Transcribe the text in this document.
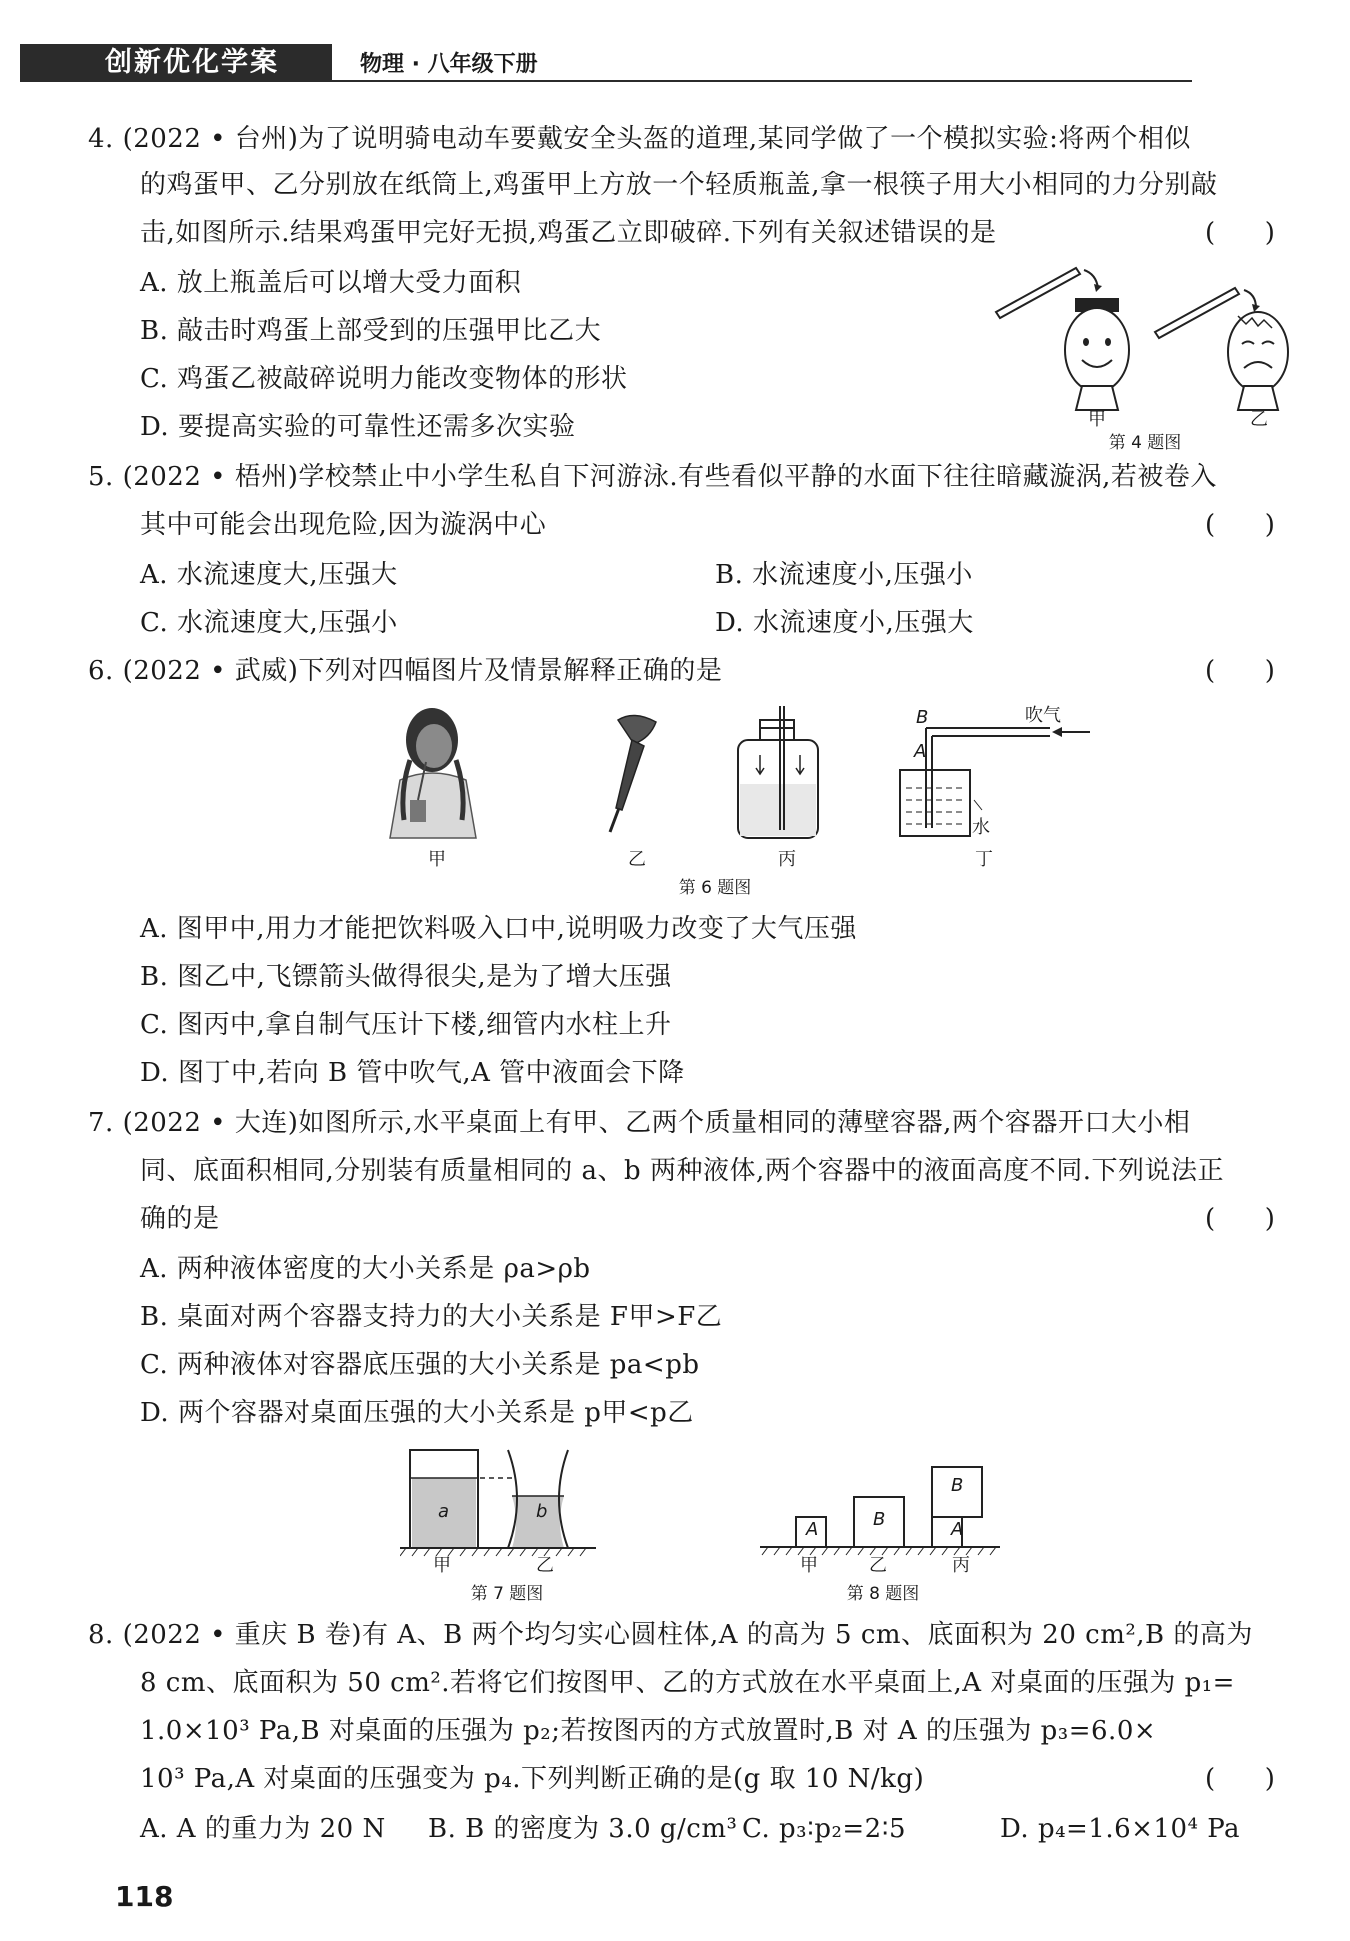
创新优化学案	物理 · 八年级下册
4. (2022 • 台州)为了说明骑电动车要戴安全头盔的道理,某同学做了一个模拟实验:将两个相似
的鸡蛋甲、乙分别放在纸筒上,鸡蛋甲上方放一个轻质瓶盖,拿一根筷子用大小相同的力分别敲
击,如图所示.结果鸡蛋甲完好无损,鸡蛋乙立即破碎.下列有关叙述错误的是	(      )
A. 放上瓶盖后可以增大受力面积
B. 敲击时鸡蛋上部受到的压强甲比乙大
C. 鸡蛋乙被敲碎说明力能改变物体的形状
D. 要提高实验的可靠性还需多次实验	甲	乙
第 4 题图
5. (2022 • 梧州)学校禁止中小学生私自下河游泳.有些看似平静的水面下往往暗藏漩涡,若被卷入
其中可能会出现危险,因为漩涡中心	(      )
A. 水流速度大,压强大	B. 水流速度小,压强小
C. 水流速度大,压强小	D. 水流速度小,压强大
6. (2022 • 武威)下列对四幅图片及情景解释正确的是	(      )
B	吹气
A
水
甲	乙	丙	丁
第 6 题图
A. 图甲中,用力才能把饮料吸入口中,说明吸力改变了大气压强
B. 图乙中,飞镖箭头做得很尖,是为了增大压强
C. 图丙中,拿自制气压计下楼,细管内水柱上升
D. 图丁中,若向 B 管中吹气,A 管中液面会下降
7. (2022 • 大连)如图所示,水平桌面上有甲、乙两个质量相同的薄壁容器,两个容器开口大小相
同、底面积相同,分别装有质量相同的 a、b 两种液体,两个容器中的液面高度不同.下列说法正
确的是	(      )
A. 两种液体密度的大小关系是 ρa>ρb
B. 桌面对两个容器支持力的大小关系是 F甲>F乙
C. 两种液体对容器底压强的大小关系是 pa<pb
D. 两个容器对桌面压强的大小关系是 p甲<p乙
a	b
甲	乙
第 7 题图
A	B
B
A
甲	乙	丙
第 8 题图
8. (2022 • 重庆 B 卷)有 A、B 两个均匀实心圆柱体,A 的高为 5 cm、底面积为 20 cm²,B 的高为
8 cm、底面积为 50 cm².若将它们按图甲、乙的方式放在水平桌面上,A 对桌面的压强为 p₁=
1.0×10³ Pa,B 对桌面的压强为 p₂;若按图丙的方式放置时,B 对 A 的压强为 p₃=6.0×
10³ Pa,A 对桌面的压强变为 p₄.下列判断正确的是(g 取 10 N/kg)	(      )
A. A 的重力为 20 N B. B 的密度为 3.0 g/cm³ C. p₃∶p₂=2∶5	D. p₄=1.6×10⁴ Pa
118
